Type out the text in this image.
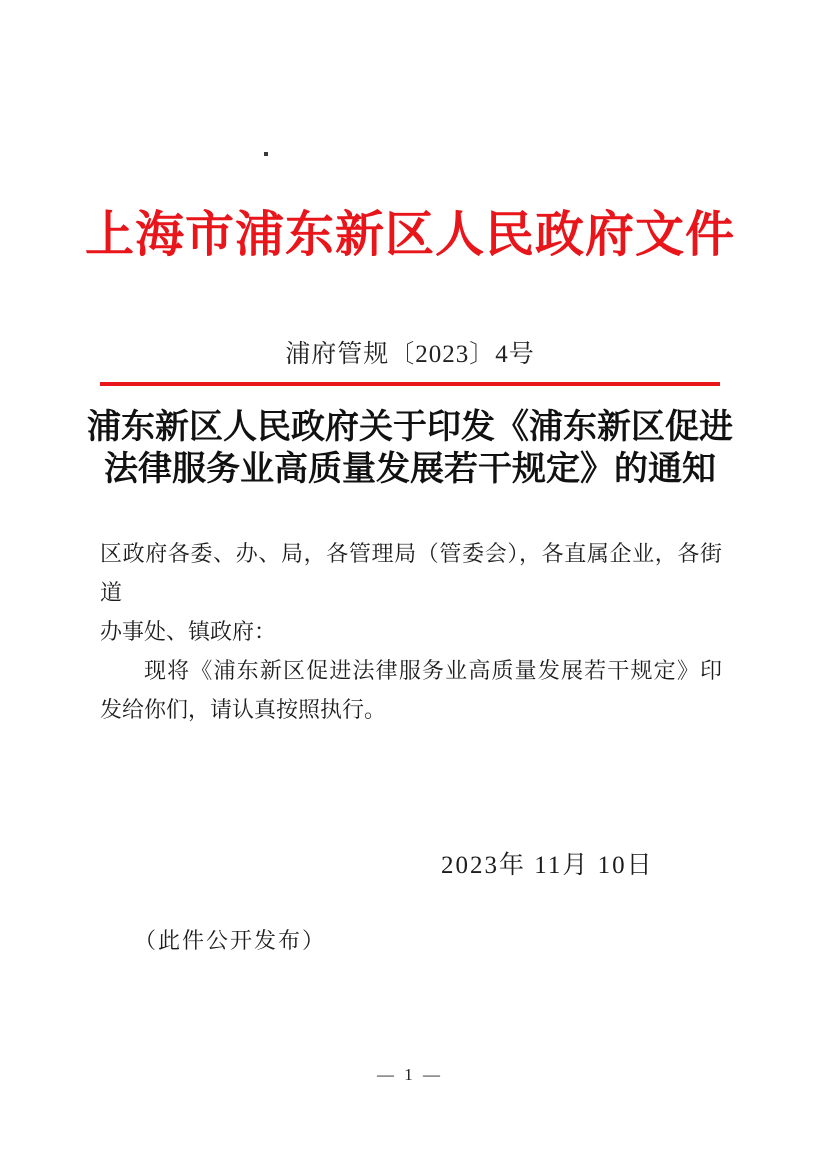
上海市浦东新区人民政府文件
浦府管规〔2023〕4号
浦东新区人民政府关于印发《浦东新区促进
法律服务业高质量发展若干规定》的通知
区政府各委、办、局，各管理局（管委会），各直属企业，各街道
办事处、镇政府：
现将《浦东新区促进法律服务业高质量发展若干规定》印
发给你们，请认真按照执行。
2023年 11月 10日
（此件公开发布）
— 1 —
